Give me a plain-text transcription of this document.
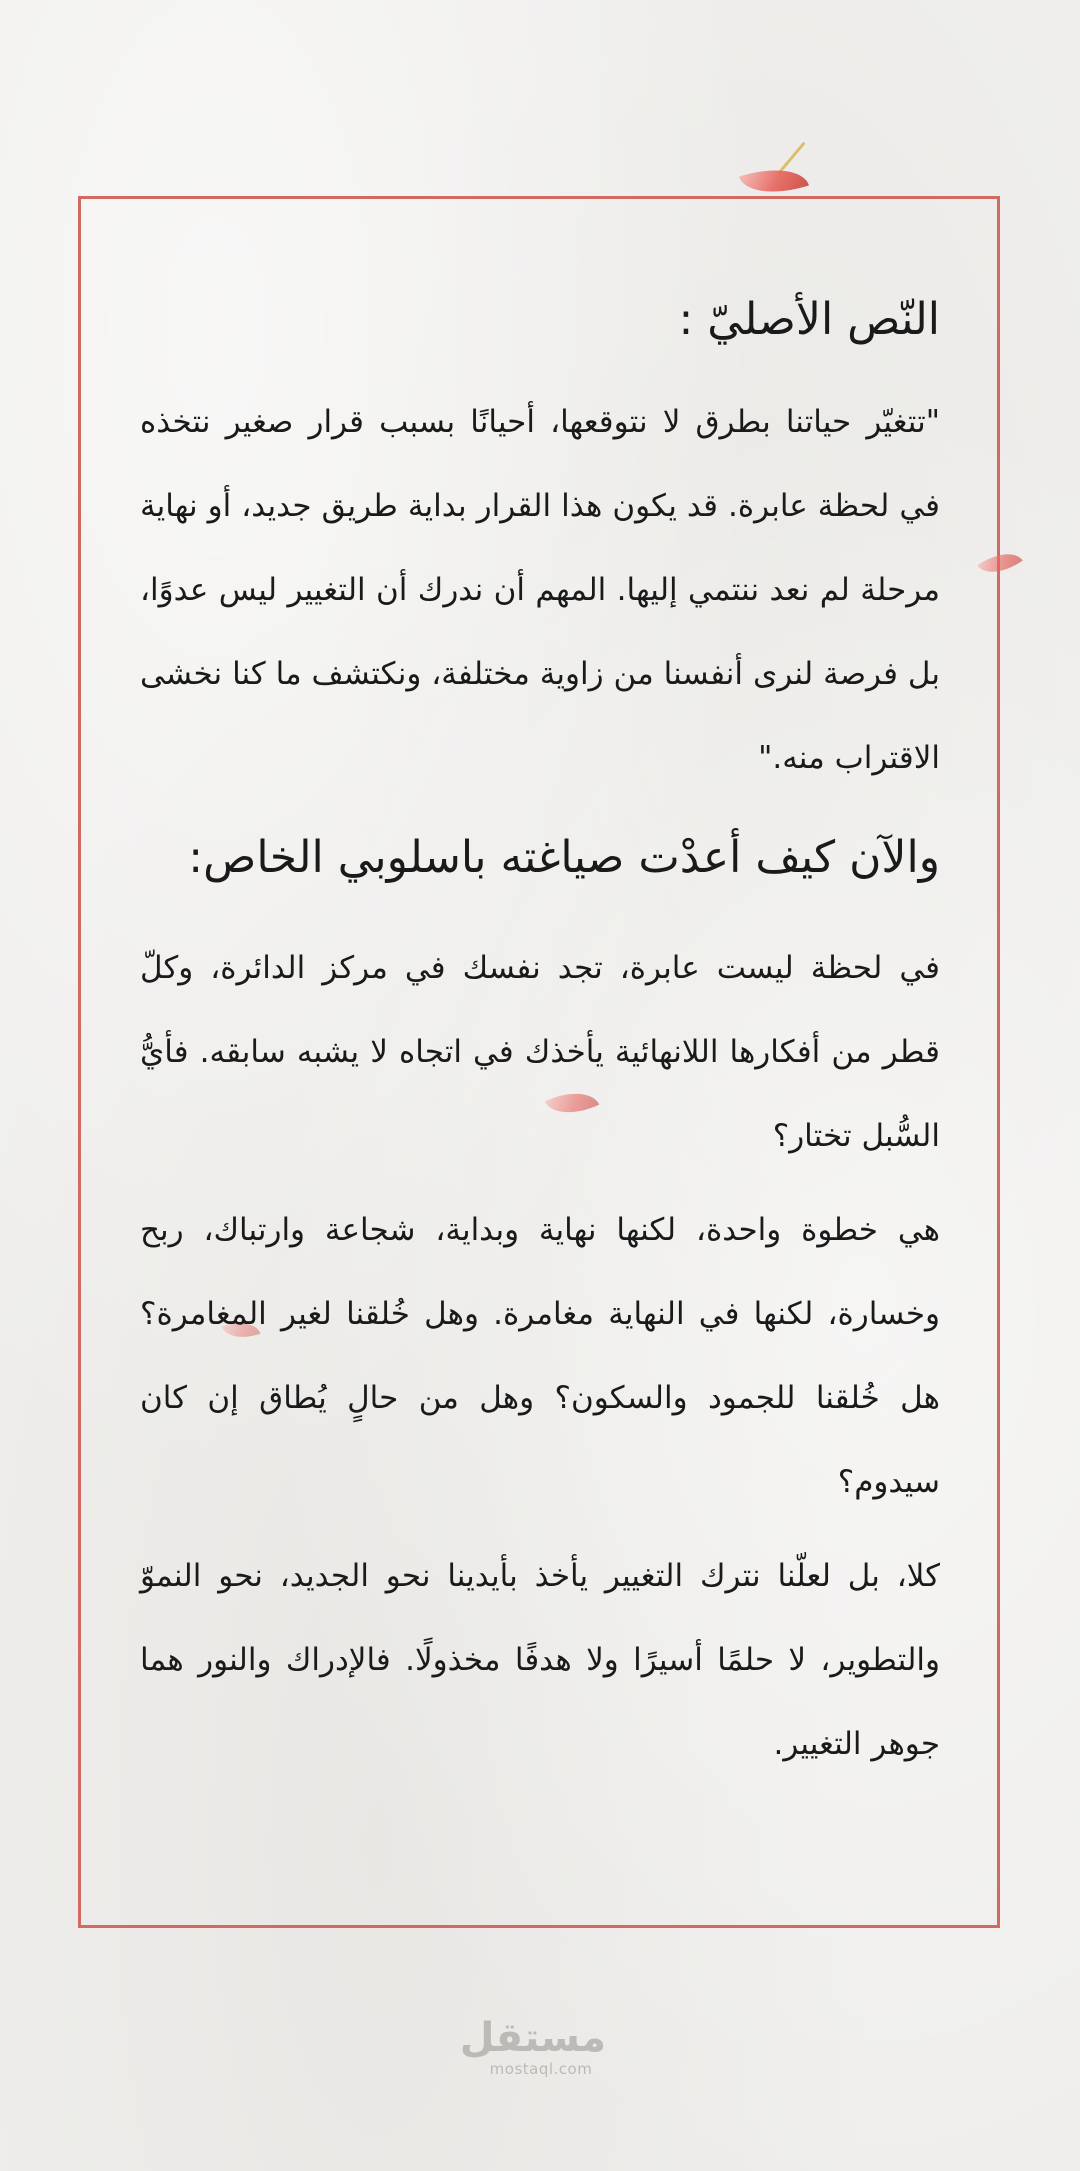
النّص الأصليّ :

"تتغيّر حياتنا بطرق لا نتوقعها، أحيانًا بسبب قرار صغير نتخذه في لحظة عابرة. قد يكون هذا القرار بداية طريق جديد، أو نهاية مرحلة لم نعد ننتمي إليها. المهم أن ندرك أن التغيير ليس عدوًا، بل فرصة لنرى أنفسنا من زاوية مختلفة، ونكتشف ما كنا نخشى الاقتراب منه."

والآن كيف أعدْت صياغته باسلوبي الخاص:

في لحظة ليست عابرة، تجد نفسك في مركز الدائرة، وكلّ قطر من أفكارها اللانهائية يأخذك في اتجاه لا يشبه سابقه. فأيُّ السُّبل تختار؟

هي خطوة واحدة، لكنها نهاية وبداية، شجاعة وارتباك، ربح وخسارة، لكنها في النهاية مغامرة. وهل خُلقنا لغير المغامرة؟ هل خُلقنا للجمود والسكون؟ وهل من حالٍ يُطاق إن كان سيدوم؟

كلا، بل لعلّنا نترك التغيير يأخذ بأيدينا نحو الجديد، نحو النموّ والتطوير، لا حلمًا أسيرًا ولا هدفًا مخذولًا. فالإدراك والنور هما جوهر التغيير.

مستقل
mostaql.com
